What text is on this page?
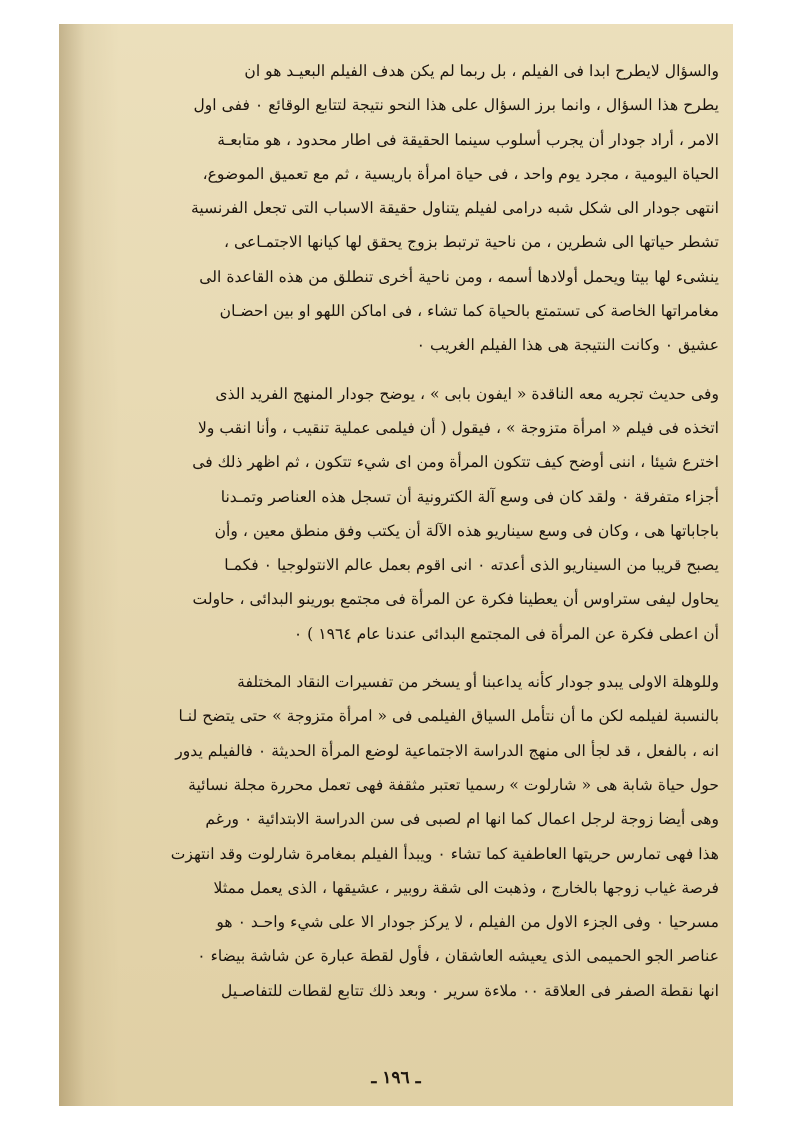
والسؤال لايطرح ابدا فى الفيلم ، بل ربما لم يكن هدف الفيلم البعيـد هو ان
يطرح هذا السؤال ، وانما برز السؤال على هذا النحو نتيجة لتتابع الوقائع ٠ ففى اول
الامر ، أراد جودار أن يجرب أسلوب سينما الحقيقة فى اطار محدود ، هو متابعـة
الحياة اليومية ، مجرد يوم واحد ، فى حياة امرأة باريسية ، ثم مع تعميق الموضوع،
انتهى جودار الى شكل شبه درامى لفيلم يتناول حقيقة الاسباب التى تجعل الفرنسية
تشطر حياتها الى شطرين ، من ناحية ترتبط بزوج يحقق لها كيانها الاجتمـاعى ،
ينشىء لها بيتا ويحمل أولادها أسمه ، ومن ناحية أخرى تنطلق من هذه القاعدة الى
مغامراتها الخاصة كى تستمتع بالحياة كما تشاء ، فى اماكن اللهو او بين احضـان
عشيق ٠ وكانت النتيجة هى هذا الفيلم الغريب ٠

وفى حديث تجريه معه الناقدة « ايفون بابى » ، يوضح جودار المنهج الفريد الذى
اتخذه فى فيلم « امرأة متزوجة » ، فيقول ( أن فيلمى عملية تنقيب ، وأنا انقب ولا
اخترع شيئا ، اننى أوضح كيف تتكون المرأة ومن اى شيء تتكون ، ثم اظهر ذلك فى
أجزاء متفرقة ٠ ولقد كان فى وسع آلة الكترونية أن تسجل هذه العناصر وتمـدنا
باجاباتها هى ، وكان فى وسع سيناريو هذه الآلة أن يكتب وفق منطق معين ، وأن
يصبح قريبا من السيناريو الذى أعدته ٠ انى اقوم بعمل عالم الانتولوجيا ٠ فكمـا
يحاول ليفى ستراوس أن يعطينا فكرة عن المرأة فى مجتمع بورينو البدائى ، حاولت
أن اعطى فكرة عن المرأة فى المجتمع البدائى عندنا عام ١٩٦٤ ) ٠

وللوهلة الاولى يبدو جودار كأنه يداعبنا أو يسخر من تفسيرات النقاد المختلفة
بالنسبة لفيلمه لكن ما أن نتأمل السياق الفيلمى فى « امرأة متزوجة » حتى يتضح لنـا
انه ، بالفعل ، قد لجأ الى منهج الدراسة الاجتماعية لوضع المرأة الحديثة ٠ فالفيلم يدور
حول حياة شابة هى « شارلوت » رسميا تعتبر مثقفة فهى تعمل محررة مجلة نسائية
وهى أيضا زوجة لرجل اعمال كما انها ام لصبى فى سن الدراسة الابتدائية ٠ ورغم
هذا فهى تمارس حريتها العاطفية كما تشاء ٠ ويبدأ الفيلم بمغامرة شارلوت وقد انتهزت
فرصة غياب زوجها بالخارج ، وذهبت الى شقة روبير ، عشيقها ، الذى يعمل ممثلا
مسرحيا ٠ وفى الجزء الاول من الفيلم ، لا يركز جودار الا على شيء واحـد ٠ هو
عناصر الجو الحميمى الذى يعيشه العاشقان ، فأول لقطة عبارة عن شاشة بيضاء ٠
انها نقطة الصفر فى العلاقة ٠٠ ملاءة سرير ٠ وبعد ذلك تتابع لقطات للتفاصـيل

ـ ١٩٦ ـ
